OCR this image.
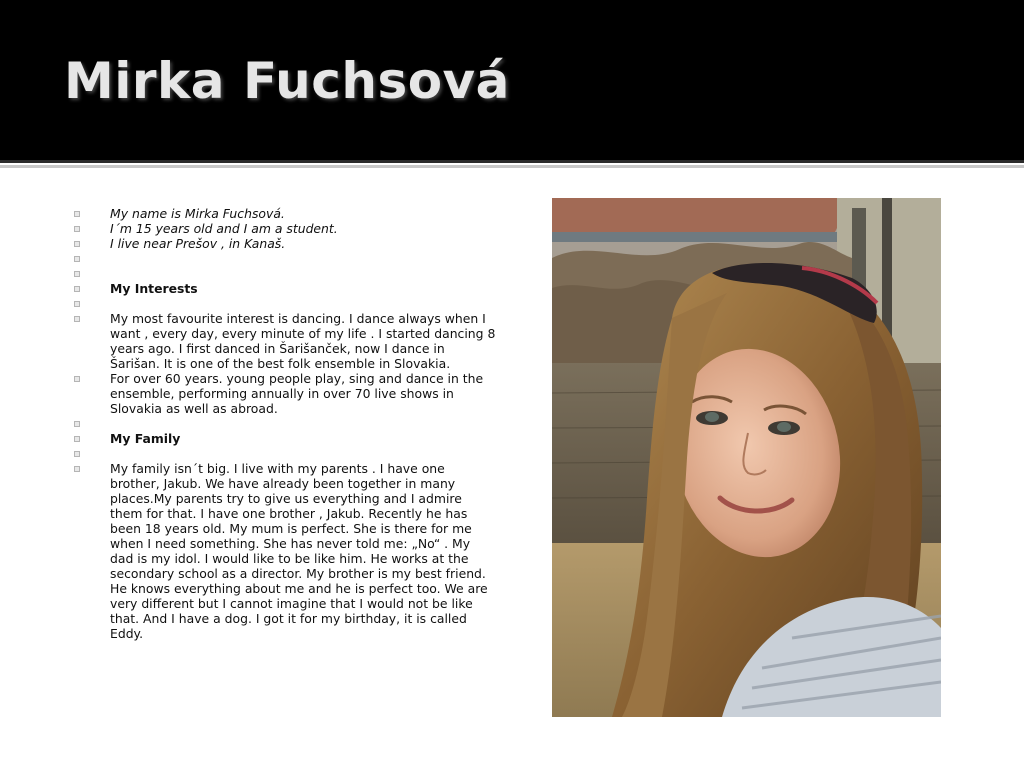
Mirka Fuchsová
My name is Mirka Fuchsová.
I´m 15 years old and I am a student.
I live near Prešov , in Kanaš.
My Interests
My most favourite interest is dancing. I dance always when I want , every day, every minute of my life . I started dancing 8 years ago. I first danced in Šarišanček, now I dance in Šarišan. It is one of the best folk ensemble in Slovakia.
For over 60 years. young people play, sing and dance in the ensemble, performing annually in over 70 live shows in Slovakia as well as abroad.
My Family
My family isn´t big. I live with my parents . I have one brother, Jakub. We have already been together in many places.My parents try to give us everything and I admire them for that. I have one brother , Jakub. Recently he has been 18 years old. My mum is perfect. She is there for me when I need something. She has never told me: „No“ . My dad is my idol. I would like to be like him. He works at the secondary school as a director. My brother is my best friend. He knows everything about me and he is perfect too. We are very different but I cannot imagine that I would not be like that. And I have a dog. I got it for my birthday, it is called Eddy.
